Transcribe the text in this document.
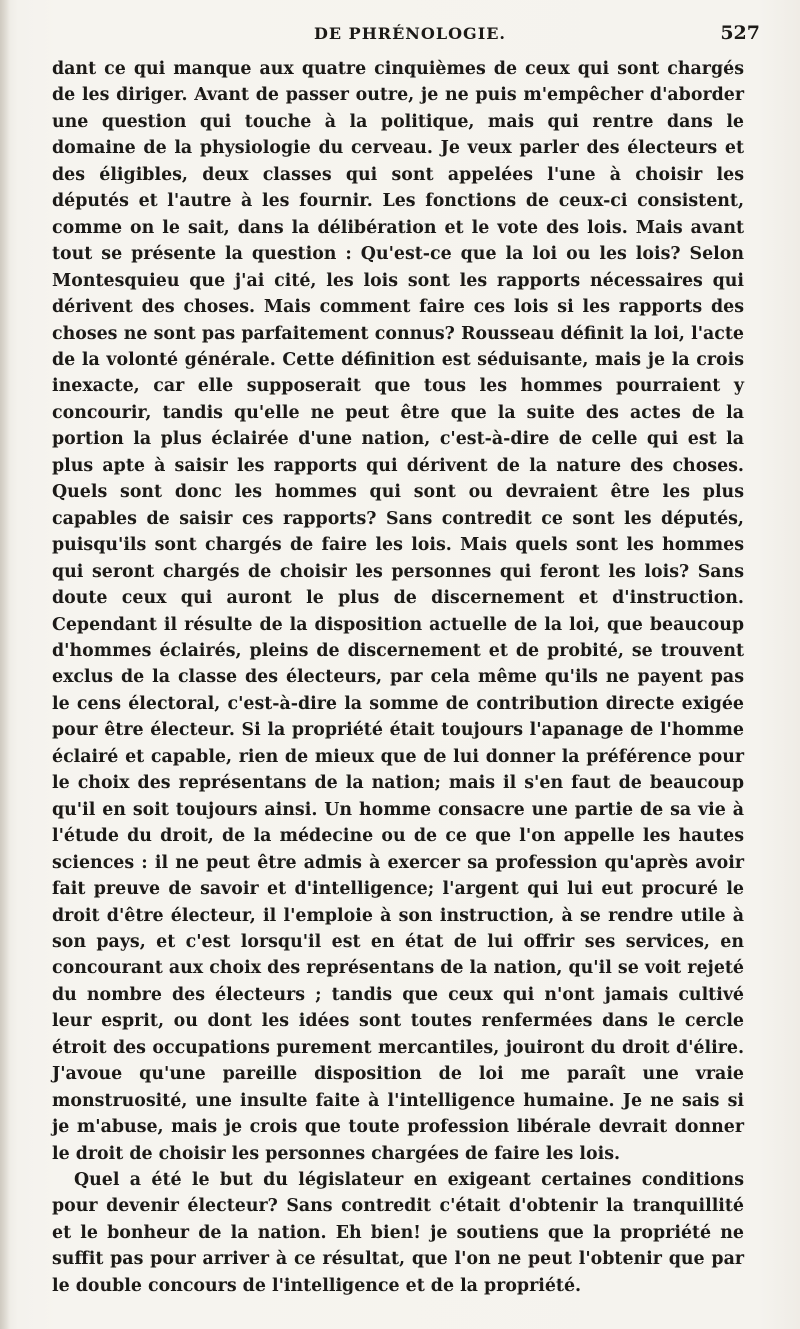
DE PHRÉNOLOGIE.	527

dant ce qui manque aux quatre cinquièmes de ceux qui sont chargés de les diriger. Avant de passer outre, je ne puis m'empêcher d'aborder une question qui touche à la politique, mais qui rentre dans le domaine de la physiologie du cerveau. Je veux parler des électeurs et des éligibles, deux classes qui sont appelées l'une à choisir les députés et l'autre à les fournir. Les fonctions de ceux-ci consistent, comme on le sait, dans la délibération et le vote des lois. Mais avant tout se présente la question : Qu'est-ce que la loi ou les lois? Selon Montesquieu que j'ai cité, les lois sont les rapports nécessaires qui dérivent des choses. Mais comment faire ces lois si les rapports des choses ne sont pas parfaitement connus? Rousseau définit la loi, l'acte de la volonté générale. Cette définition est séduisante, mais je la crois inexacte, car elle supposerait que tous les hommes pourraient y concourir, tandis qu'elle ne peut être que la suite des actes de la portion la plus éclairée d'une nation, c'est-à-dire de celle qui est la plus apte à saisir les rapports qui dérivent de la nature des choses. Quels sont donc les hommes qui sont ou devraient être les plus capables de saisir ces rapports? Sans contredit ce sont les députés, puisqu'ils sont chargés de faire les lois. Mais quels sont les hommes qui seront chargés de choisir les personnes qui feront les lois? Sans doute ceux qui auront le plus de discernement et d'instruction. Cependant il résulte de la disposition actuelle de la loi, que beaucoup d'hommes éclairés, pleins de discernement et de probité, se trouvent exclus de la classe des électeurs, par cela même qu'ils ne payent pas le cens électoral, c'est-à-dire la somme de contribution directe exigée pour être électeur. Si la propriété était toujours l'apanage de l'homme éclairé et capable, rien de mieux que de lui donner la préférence pour le choix des représentans de la nation; mais il s'en faut de beaucoup qu'il en soit toujours ainsi. Un homme consacre une partie de sa vie à l'étude du droit, de la médecine ou de ce que l'on appelle les hautes sciences : il ne peut être admis à exercer sa profession qu'après avoir fait preuve de savoir et d'intelligence; l'argent qui lui eut procuré le droit d'être électeur, il l'emploie à son instruction, à se rendre utile à son pays, et c'est lorsqu'il est en état de lui offrir ses services, en concourant aux choix des représentans de la nation, qu'il se voit rejeté du nombre des électeurs ; tandis que ceux qui n'ont jamais cultivé leur esprit, ou dont les idées sont toutes renfermées dans le cercle étroit des occupations purement mercantiles, jouiront du droit d'élire. J'avoue qu'une pareille disposition de loi me paraît une vraie monstruosité, une insulte faite à l'intelligence humaine. Je ne sais si je m'abuse, mais je crois que toute profession libérale devrait donner le droit de choisir les personnes chargées de faire les lois.

Quel a été le but du législateur en exigeant certaines conditions pour devenir électeur? Sans contredit c'était d'obtenir la tranquillité et le bonheur de la nation. Eh bien! je soutiens que la propriété ne suffit pas pour arriver à ce résultat, que l'on ne peut l'obtenir que par le double concours de l'intelligence et de la propriété.
